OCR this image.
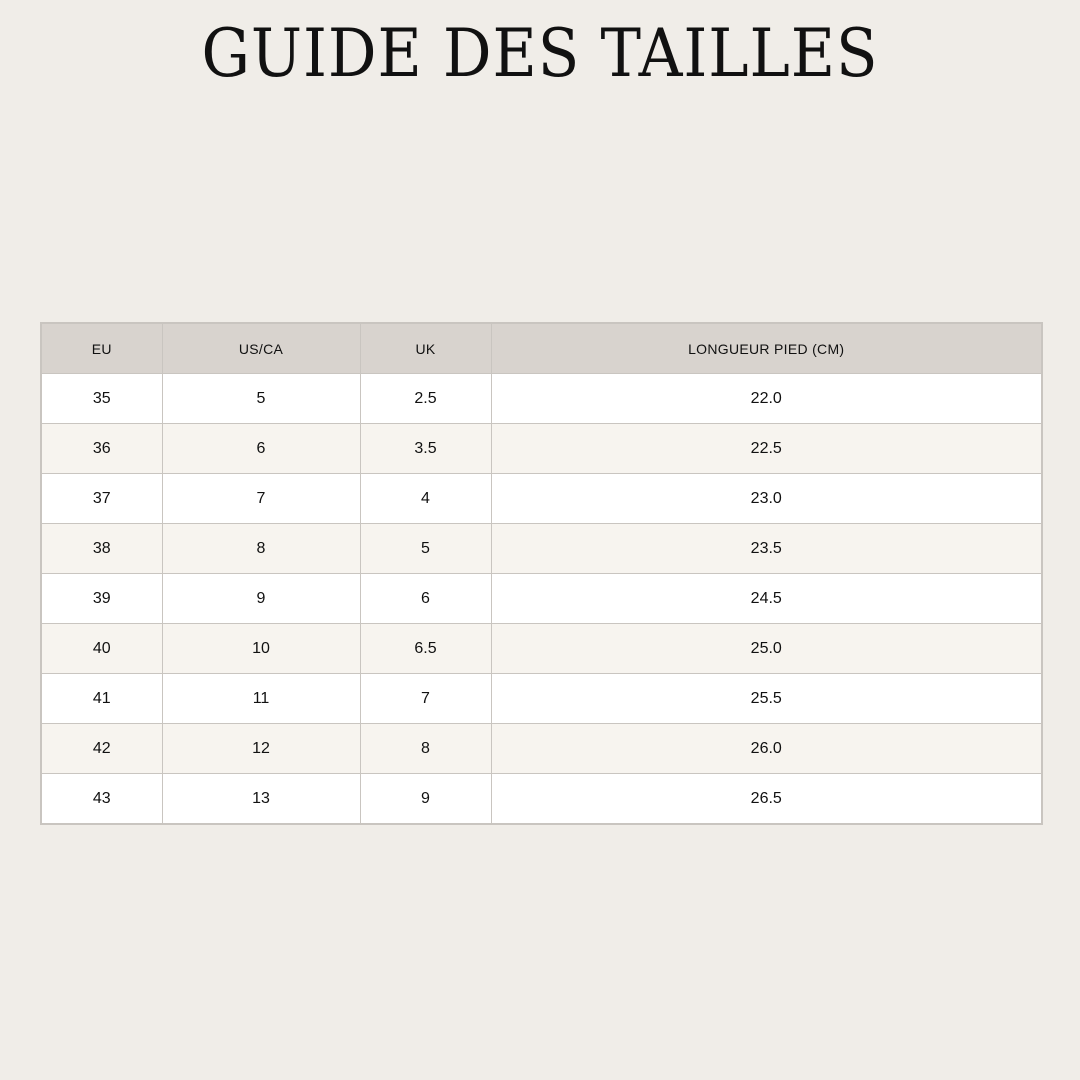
GUIDE DES TAILLES
EU	US/CA	UK	LONGUEUR PIED (CM)
35	5	2.5	22.0
36	6	3.5	22.5
37	7	4	23.0
38	8	5	23.5
39	9	6	24.5
40	10	6.5	25.0
41	11	7	25.5
42	12	8	26.0
43	13	9	26.5
